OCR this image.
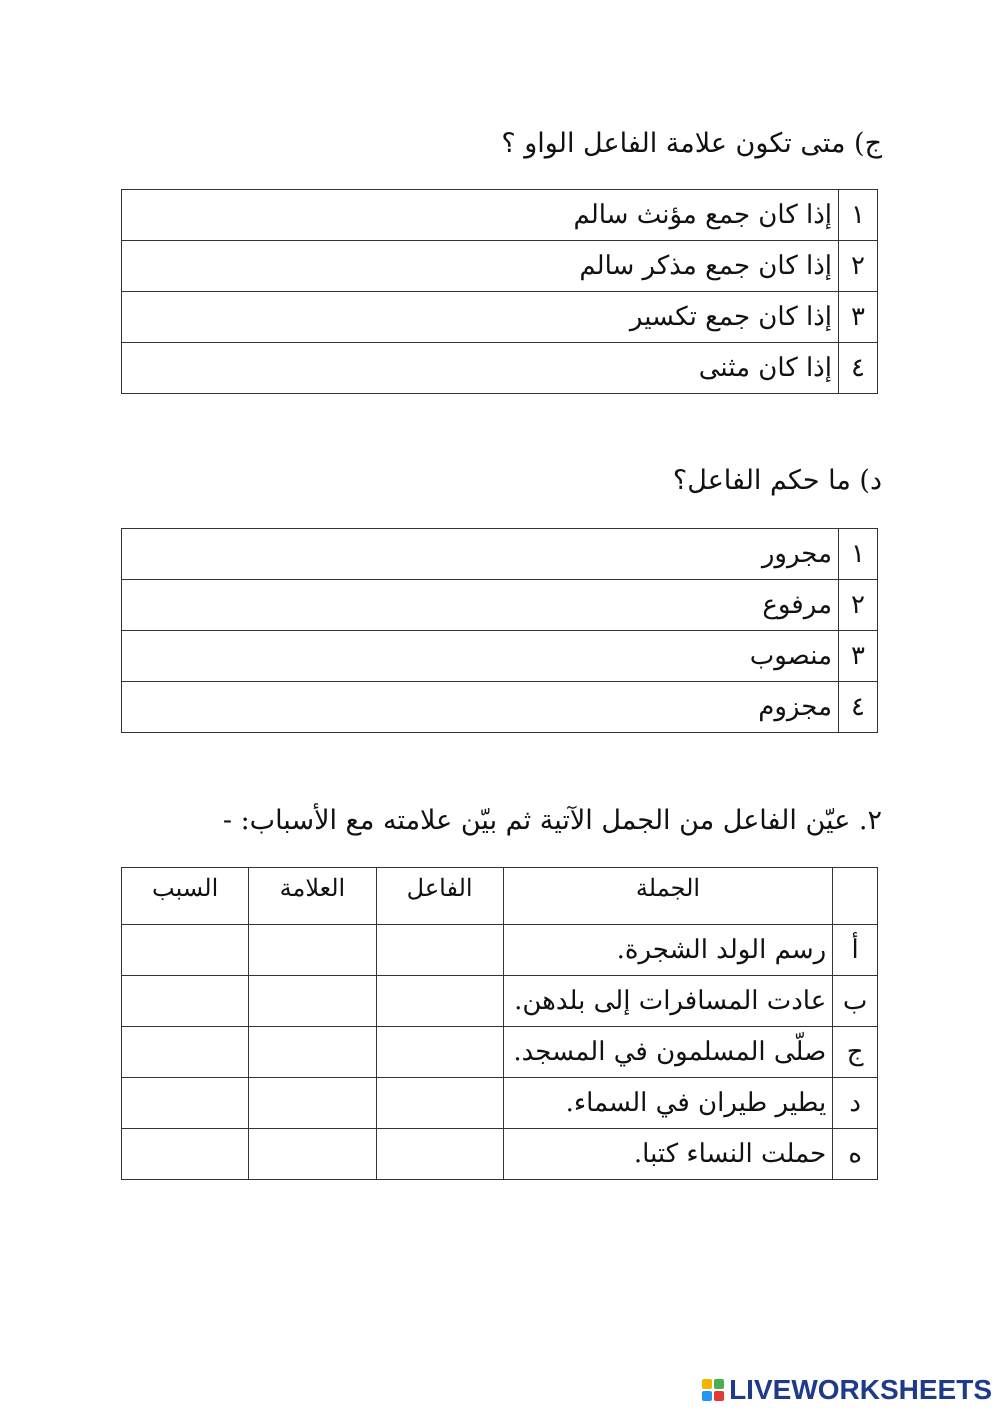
ج) متى تكون علامة الفاعل الواو ؟
١	إذا كان جمع مؤنث سالم
٢	إذا كان جمع مذكر سالم
٣	إذا كان جمع تكسير
٤	إذا كان مثنى
د) ما حكم الفاعل؟
١	مجرور
٢	مرفوع
٣	منصوب
٤	مجزوم
٢. عيّن الفاعل من الجمل الآتية ثم بيّن علامته مع الأسباب: -
	الجملة	الفاعل	العلامة	السبب
أ	رسم الولد الشجرة.			
ب	عادت المسافرات إلى بلدهن.			
ج	صلّى المسلمون في المسجد.			
د	يطير طيران في السماء.			
ه	حملت النساء كتبا.			
LIVEWORKSHEETS
